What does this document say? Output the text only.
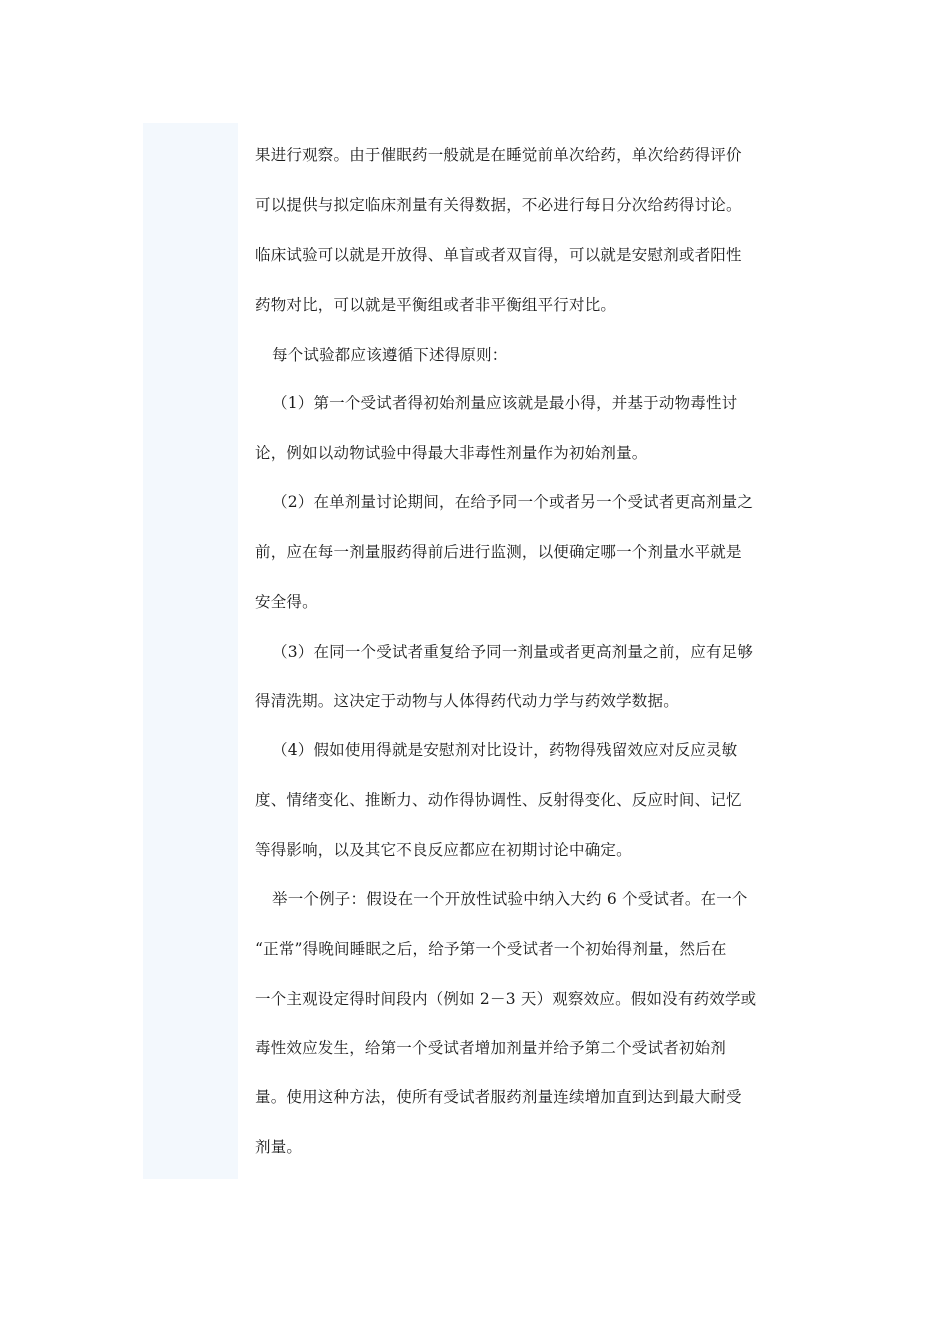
果进行观察。由于催眠药一般就是在睡觉前单次给药，单次给药得评价
可以提供与拟定临床剂量有关得数据，不必进行每日分次给药得讨论。
临床试验可以就是开放得、单盲或者双盲得，可以就是安慰剂或者阳性
药物对比，可以就是平衡组或者非平衡组平行对比。
每个试验都应该遵循下述得原则：
（1）第一个受试者得初始剂量应该就是最小得，并基于动物毒性讨
论，例如以动物试验中得最大非毒性剂量作为初始剂量。
（2）在单剂量讨论期间，在给予同一个或者另一个受试者更高剂量之
前，应在每一剂量服药得前后进行监测，以便确定哪一个剂量水平就是
安全得。
（3）在同一个受试者重复给予同一剂量或者更高剂量之前，应有足够
得清洗期。这决定于动物与人体得药代动力学与药效学数据。
（4）假如使用得就是安慰剂对比设计，药物得残留效应对反应灵敏
度、情绪变化、推断力、动作得协调性、反射得变化、反应时间、记忆
等得影响，以及其它不良反应都应在初期讨论中确定。
举一个例子：假设在一个开放性试验中纳入大约 6 个受试者。在一个
“正常”得晚间睡眠之后，给予第一个受试者一个初始得剂量，然后在
一个主观设定得时间段内（例如 2－3 天）观察效应。假如没有药效学或
毒性效应发生，给第一个受试者增加剂量并给予第二个受试者初始剂
量。使用这种方法，使所有受试者服药剂量连续增加直到达到最大耐受
剂量。
